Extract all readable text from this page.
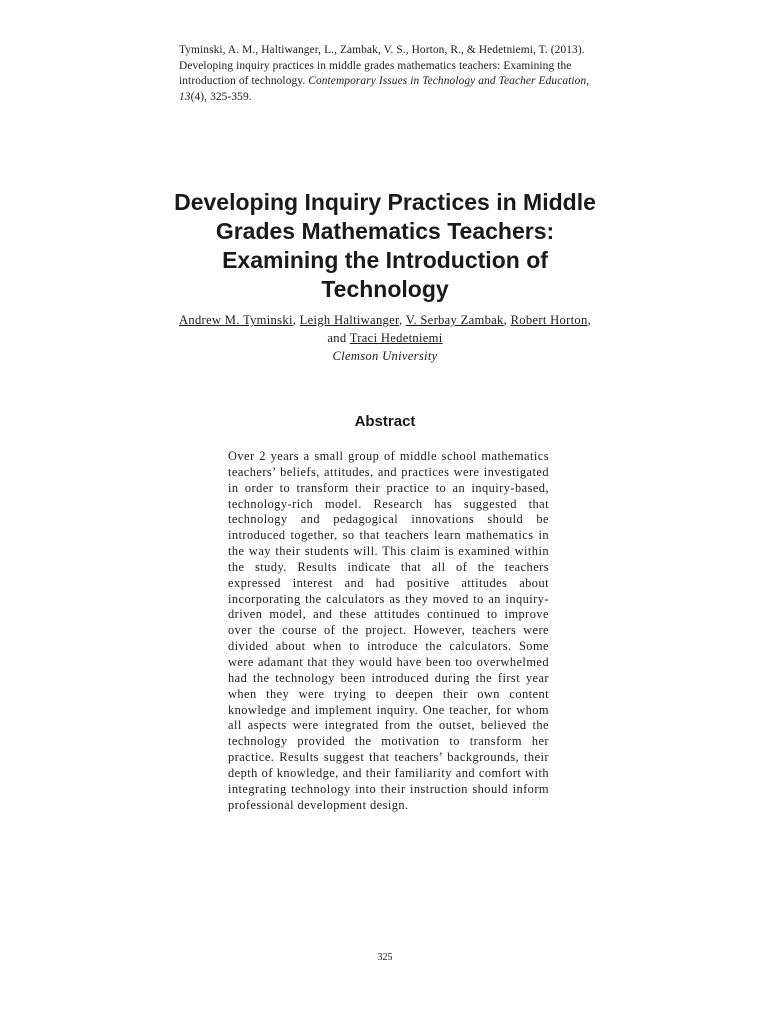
Tyminski, A. M., Haltiwanger, L., Zambak, V. S., Horton, R., & Hedetniemi, T. (2013). Developing inquiry practices in middle grades mathematics teachers: Examining the introduction of technology. Contemporary Issues in Technology and Teacher Education, 13(4), 325-359.
Developing Inquiry Practices in Middle Grades Mathematics Teachers: Examining the Introduction of Technology
Andrew M. Tyminski, Leigh Haltiwanger, V. Serbay Zambak, Robert Horton, and Traci Hedetniemi
Clemson University
Abstract

Over 2 years a small group of middle school mathematics teachers’ beliefs, attitudes, and practices were investigated in order to transform their practice to an inquiry-based, technology-rich model. Research has suggested that technology and pedagogical innovations should be introduced together, so that teachers learn mathematics in the way their students will. This claim is examined within the study. Results indicate that all of the teachers expressed interest and had positive attitudes about incorporating the calculators as they moved to an inquiry-driven model, and these attitudes continued to improve over the course of the project. However, teachers were divided about when to introduce the calculators. Some were adamant that they would have been too overwhelmed had the technology been introduced during the first year when they were trying to deepen their own content knowledge and implement inquiry. One teacher, for whom all aspects were integrated from the outset, believed the technology provided the motivation to transform her practice. Results suggest that teachers’ backgrounds, their depth of knowledge, and their familiarity and comfort with integrating technology into their instruction should inform professional development design.

325
